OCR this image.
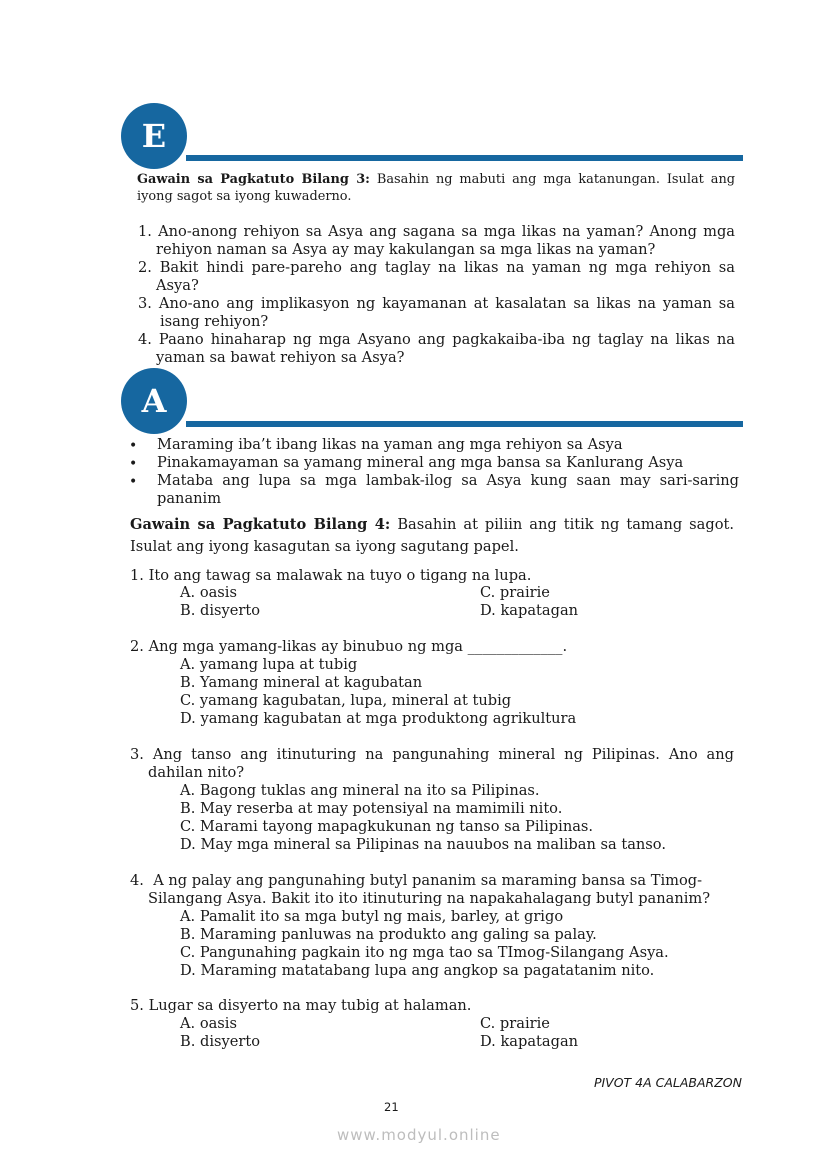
E
Gawain sa Pagkatuto Bilang 3: Basahin ng mabuti ang mga katanungan. Isulat ang
iyong sagot sa iyong kuwaderno.
1. Ano-anong rehiyon sa Asya ang sagana sa mga likas na yaman? Anong mga
rehiyon naman sa Asya ay may kakulangan sa mga likas na yaman?
2. Bakit hindi pare-pareho ang taglay na likas na yaman ng mga rehiyon sa
Asya?
3. Ano-ano ang implikasyon ng kayamanan at kasalatan sa likas na yaman sa
isang rehiyon?
4. Paano hinaharap ng mga Asyano ang pagkakaiba-iba ng taglay na likas na
yaman sa bawat rehiyon sa Asya?
A
• Maraming iba’t ibang likas na yaman ang mga rehiyon sa Asya
• Pinakamayaman sa yamang mineral ang mga bansa sa Kanlurang Asya
• Mataba ang lupa sa mga lambak-ilog sa Asya kung saan may sari-saring
pananim
Gawain sa Pagkatuto Bilang 4: Basahin at piliin ang titik ng tamang sagot.
Isulat ang iyong kasagutan sa iyong sagutang papel.
1. Ito ang tawag sa malawak na tuyo o tigang na lupa.
A. oasis	C. prairie
B. disyerto	D. kapatagan
2. Ang mga yamang-likas ay binubuo ng mga _____________.
A. yamang lupa at tubig
B. Yamang mineral at kagubatan
C. yamang kagubatan, lupa, mineral at tubig
D. yamang kagubatan at mga produktong agrikultura
3. Ang tanso ang itinuturing na pangunahing mineral ng Pilipinas. Ano ang
dahilan nito?
A. Bagong tuklas ang mineral na ito sa Pilipinas.
B. May reserba at may potensiyal na mamimili nito.
C. Marami tayong mapagkukunan ng tanso sa Pilipinas.
D. May mga mineral sa Pilipinas na nauubos na maliban sa tanso.
4.  A ng palay ang pangunahing butyl pananim sa maraming bansa sa Timog-
Silangang Asya. Bakit ito ito itinuturing na napakahalagang butyl pananim?
A. Pamalit ito sa mga butyl ng mais, barley, at grigo
B. Maraming panluwas na produkto ang galing sa palay.
C. Pangunahing pagkain ito ng mga tao sa TImog-Silangang Asya.
D. Maraming matatabang lupa ang angkop sa pagatatanim nito.
5. Lugar sa disyerto na may tubig at halaman.
A. oasis	C. prairie
B. disyerto	D. kapatagan
PIVOT 4A CALABARZON
21
www.modyul.online
